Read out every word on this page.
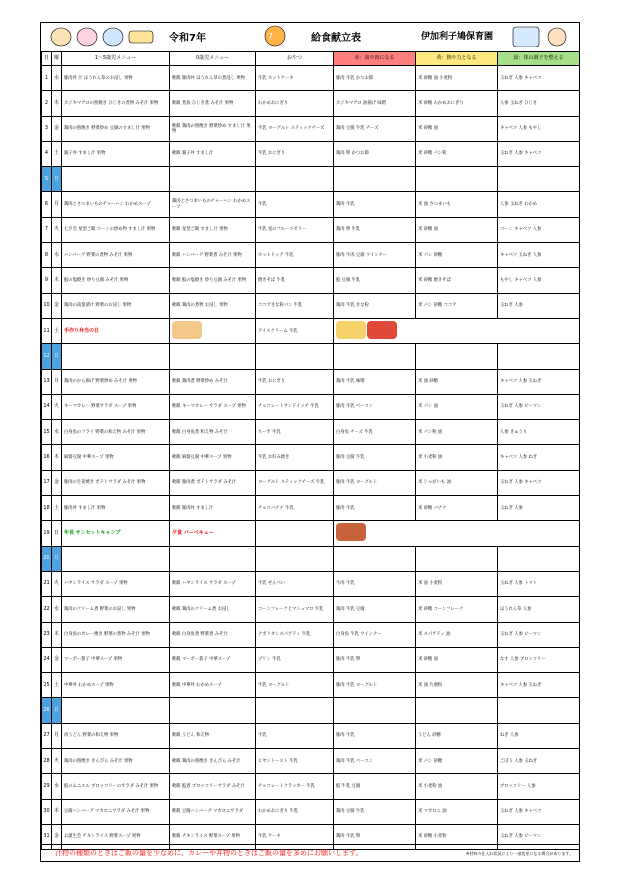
令和7年	7	給食献立表	伊加利子鳩保育園
日	曜	1～5歳児メニュー	0歳児メニュー	おやつ	赤：血や肉になる	黄：熱や力となる	緑：体の調子を整える
1	水	豚肉丼 汁 ほうれん草のお浸し 果物	軟飯 豚肉丼 ほうれん草の煮浸し 果物	牛乳 ホットケーキ	豚肉 牛乳 かつお節	米 砂糖 油 小麦粉	玉ねぎ 人参 キャベツ
2	木	カジキマグロの照焼き ひじきの煮物 みそ汁 果物	軟飯 煮魚 ひじき煮 みそ汁 果物	わかめおにぎり	カジキマグロ 油揚げ 味噌	米 砂糖 わかめおにぎり	人参 玉ねぎ ひじき
3	金	鶏肉の照焼き 野菜炒め 豆腐のすまし汁 果物	軟飯 鶏肉の照焼き 野菜炒め すまし汁 果物	牛乳 ヨーグルト スティックチーズ	鶏肉 豆腐 牛乳 チーズ	米 砂糖 油	キャベツ 人参 もやし
4	土	親子丼 すまし汁 果物	軟飯 親子丼 すまし汁	牛乳 おにぎり	鶏肉 卵 かつお節	米 砂糖 パン粉	玉ねぎ 人参 キャベツ
5	日						
6	月	鶏肉とさつまいものチャーハン わかめスープ	鶏肉とさつまいものチャーハン わかめスープ	牛乳	鶏肉 牛乳	米 油 さつまいも	人参 玉ねぎ わかめ
7	火	七夕会 星型ご飯 コーンの炒め物 すまし汁 果物	軟飯 星型ご飯 すまし汁 果物	牛乳 星のフルーツゼリー	鶏肉 卵 牛乳	米 砂糖 油	コーン キャベツ 人参
8	水	ハンバーグ 野菜の煮物 みそ汁 果物	軟飯 ハンバーグ 野菜煮 みそ汁 果物	ホットドッグ 牛乳	豚肉 牛肉 豆腐 ウインナー	米 パン 砂糖	キャベツ 玉ねぎ 人参
9	木	鮭の塩焼き 炒り豆腐 みそ汁 果物	軟飯 鮭の塩焼き 炒り豆腐 みそ汁 果物	焼きそば 牛乳	鮭 豆腐 牛乳	米 砂糖 焼きそば	もやし キャベツ 人参
10	金	鶏肉の南蛮漬け 野菜のお浸し 果物	軟飯 鶏肉の煮物 お浸し 果物	ココアきな粉パン 牛乳	鶏肉 牛乳 きな粉	米 パン 砂糖 ココア	玉ねぎ 人参
11	土	手作り弁当の日		アイスクリーム 牛乳			
12	日						
13	月	鶏肉のから揚げ 野菜炒め みそ汁 果物	軟飯 鶏肉煮 野菜炒め みそ汁	牛乳 おにぎり	鶏肉 牛乳 味噌	米 油 砂糖	キャベツ 人参 玉ねぎ
14	火	キーマカレー 野菜サラダ スープ 果物	軟飯 キーマカレー サラダ スープ 果物	チョコレートサンドイッチ 牛乳	豚肉 牛乳 ベーコン	米 パン 油	玉ねぎ 人参 ピーマン
15	水	白身魚のフライ 野菜の和え物 みそ汁 果物	軟飯 白身魚煮 和え物 みそ汁	ちーず 牛乳	白身魚 チーズ 牛乳	米 パン粉 油	人参 きゅうり
16	木	麻婆豆腐 中華スープ 果物	軟飯 麻婆豆腐 中華スープ 果物	牛乳 お好み焼き	豚肉 豆腐 牛乳	米 小麦粉 油	キャベツ 人参 ねぎ
17	金	豚肉の生姜焼き ポテトサラダ みそ汁 果物	軟飯 豚肉煮 ポテトサラダ みそ汁	ヨーグルト スティックチーズ 牛乳	豚肉 牛乳 ヨーグルト	米 じゃがいも 油	玉ねぎ 人参 キャベツ
18	土	豚肉丼 すまし汁 果物	軟飯 豚肉丼 すまし汁	チョコバナナ 牛乳	豚肉 牛乳	米 砂糖 バナナ	玉ねぎ 人参
19	日	年長 サンセットキャンプ	夕食 バーベキュー				
20	月						
21	火	ハヤシライス サラダ スープ 果物	軟飯 ハヤシライス サラダ スープ	牛乳 せんべい	牛肉 牛乳	米 油 小麦粉	玉ねぎ 人参 トマト
22	水	鶏肉のクリーム煮 野菜のお浸し 果物	軟飯 鶏肉のクリーム煮 お浸し	コーンフレークとマシュマロ 牛乳	鶏肉 牛乳 豆腐	米 砂糖 コーンフレーク	ほうれん草 人参
23	木	白身魚のカレー焼き 野菜の煮物 みそ汁 果物	軟飯 白身魚煮 野菜煮 みそ汁	ナポリタンスパゲティ 牛乳	白身魚 牛乳 ウインナー	米 スパゲティ 油	玉ねぎ 人参 ピーマン
24	金	マーボー茄子 中華スープ 果物	軟飯 マーボー茄子 中華スープ	プリン 牛乳	豚肉 牛乳 卵	米 砂糖 油	なす 人参 ブロッコリー
25	土	中華丼 わかめスープ 果物	軟飯 中華丼 わかめスープ	牛乳 ヨーグルト	豚肉 牛乳 ヨーグルト	米 油 片栗粉	キャベツ 人参 玉ねぎ
26	日						
27	月	肉うどん 野菜の和え物 果物	軟飯 うどん 和え物	牛乳	豚肉 牛乳	うどん 砂糖	ねぎ 人参
28	火	鶏肉の照焼き きんぴら みそ汁 果物	軟飯 鶏肉の照焼き きんぴら みそ汁	ヒヤシトースト 牛乳	鶏肉 牛乳 ベーコン	米 パン 砂糖	ごぼう 人参 玉ねぎ
29	水	鮭のムニエル ブロッコリーのサラダ みそ汁 果物	軟飯 鮭煮 ブロッコリーサラダ みそ汁	チョコレートクラッカー 牛乳	鮭 牛乳 豆腐	米 小麦粉 油	ブロッコリー 人参
30	木	豆腐ハンバーグ マカロニサラダ みそ汁 果物	軟飯 豆腐ハンバーグ マカロニサラダ	わかめおにぎり 牛乳	鶏肉 豆腐 牛乳	米 マカロニ 油	玉ねぎ 人参 キャベツ
31	金	お誕生会 チキンライス 野菜スープ 果物	軟飯 チキンライス 野菜スープ 果物	牛乳 ケーキ	鶏肉 牛乳 卵	米 砂糖 小麦粉	玉ねぎ 人参 ピーマン
汁物の種類のときはご飯の量を少なめに、カレーや丼物のときはご飯の量を多めにお願いします。	※材料の仕入れ状況により一部変更になる場合があります。
